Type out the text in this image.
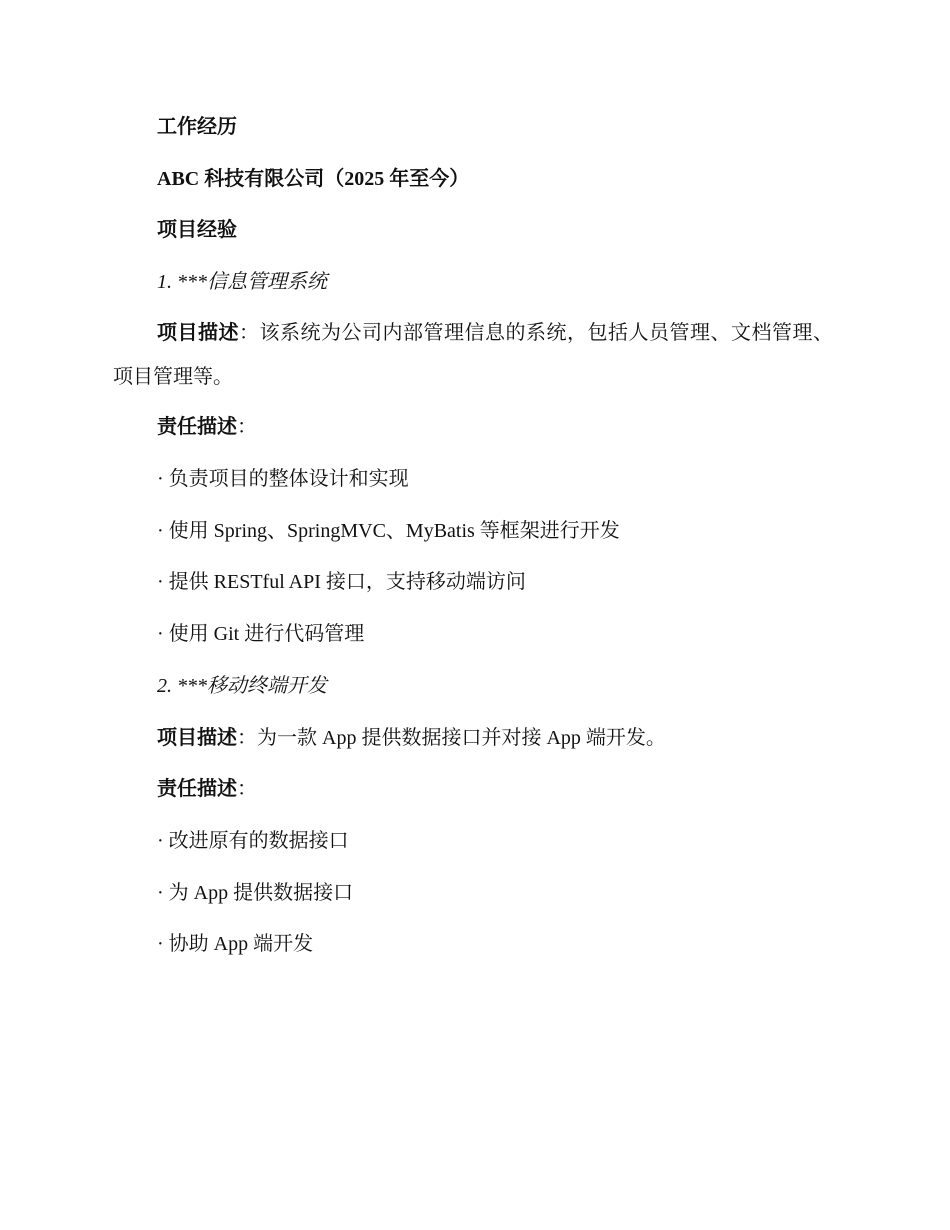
工作经历
ABC 科技有限公司（2025 年至今）
项目经验
1. ***信息管理系统
项目描述：该系统为公司内部管理信息的系统，包括人员管理、文档管理、项目管理等。
责任描述：
· 负责项目的整体设计和实现
· 使用 Spring、SpringMVC、MyBatis 等框架进行开发
· 提供 RESTful API 接口，支持移动端访问
· 使用 Git 进行代码管理
2. ***移动终端开发
项目描述：为一款 App 提供数据接口并对接 App 端开发。
责任描述：
· 改进原有的数据接口
· 为 App 提供数据接口
· 协助 App 端开发
